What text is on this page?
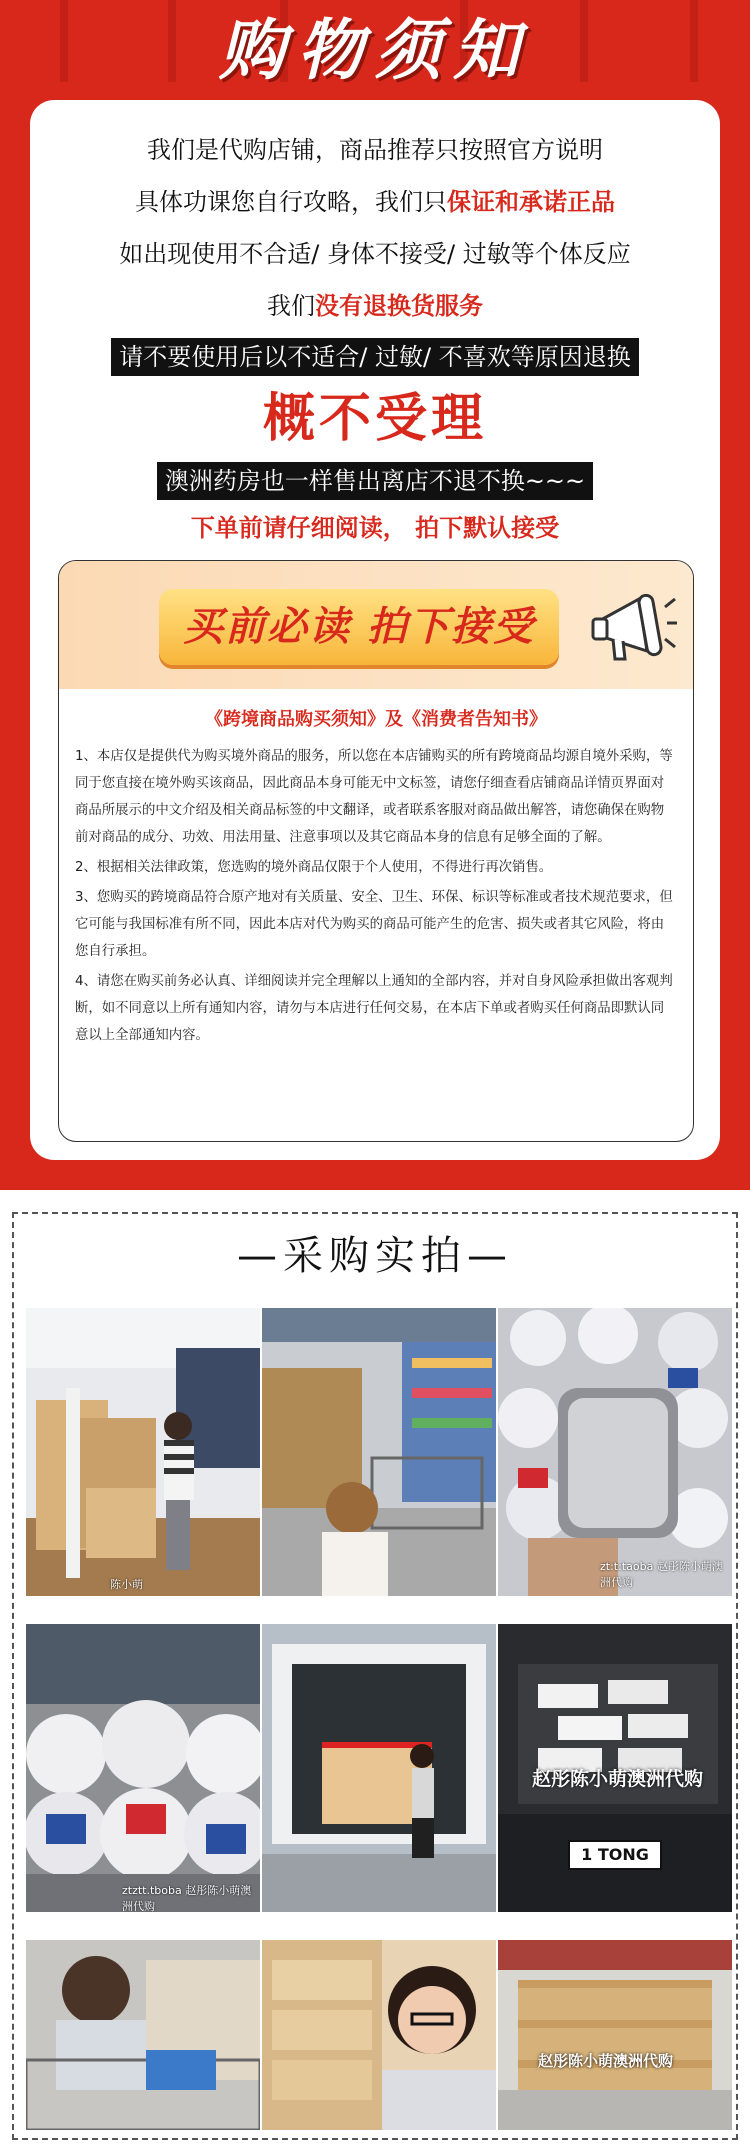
购物须知
我们是代购店铺，商品推荐只按照官方说明
具体功课您自行攻略，我们只保证和承诺正品
如出现使用不合适/ 身体不接受/ 过敏等个体反应
我们没有退换货服务
请不要使用后以不适合/ 过敏/ 不喜欢等原因退换
概不受理
澳洲药房也一样售出离店不退不换~~~
下单前请仔细阅读， 拍下默认接受
买前必读 拍下接受
《跨境商品购买须知》及《消费者告知书》

1、本店仅是提供代为购买境外商品的服务，所以您在本店铺购买的所有跨境商品均源自境外采购，等同于您直接在境外购买该商品，因此商品本身可能无中文标签，请您仔细查看店铺商品详情页界面对商品所展示的中文介绍及相关商品标签的中文翻译，或者联系客服对商品做出解答，请您确保在购物前对商品的成分、功效、用法用量、注意事项以及其它商品本身的信息有足够全面的了解。

2、根据相关法律政策，您选购的境外商品仅限于个人使用，不得进行再次销售。

3、您购买的跨境商品符合原产地对有关质量、安全、卫生、环保、标识等标准或者技术规范要求，但它可能与我国标准有所不同，因此本店对代为购买的商品可能产生的危害、损失或者其它风险，将由您自行承担。

4、请您在购买前务必认真、详细阅读并完全理解以上通知的全部内容，并对自身风险承担做出客观判断，如不同意以上所有通知内容，请勿与本店进行任何交易，在本店下单或者购买任何商品即默认同意以上全部通知内容。

—采购实拍—
陈小萌
zt:t:taoba 赵彤陈小萌澳洲代购
ztztt.tboba 赵彤陈小萌澳洲代购
赵彤陈小萌澳洲代购
1 TONG
赵彤陈小萌澳洲代购
